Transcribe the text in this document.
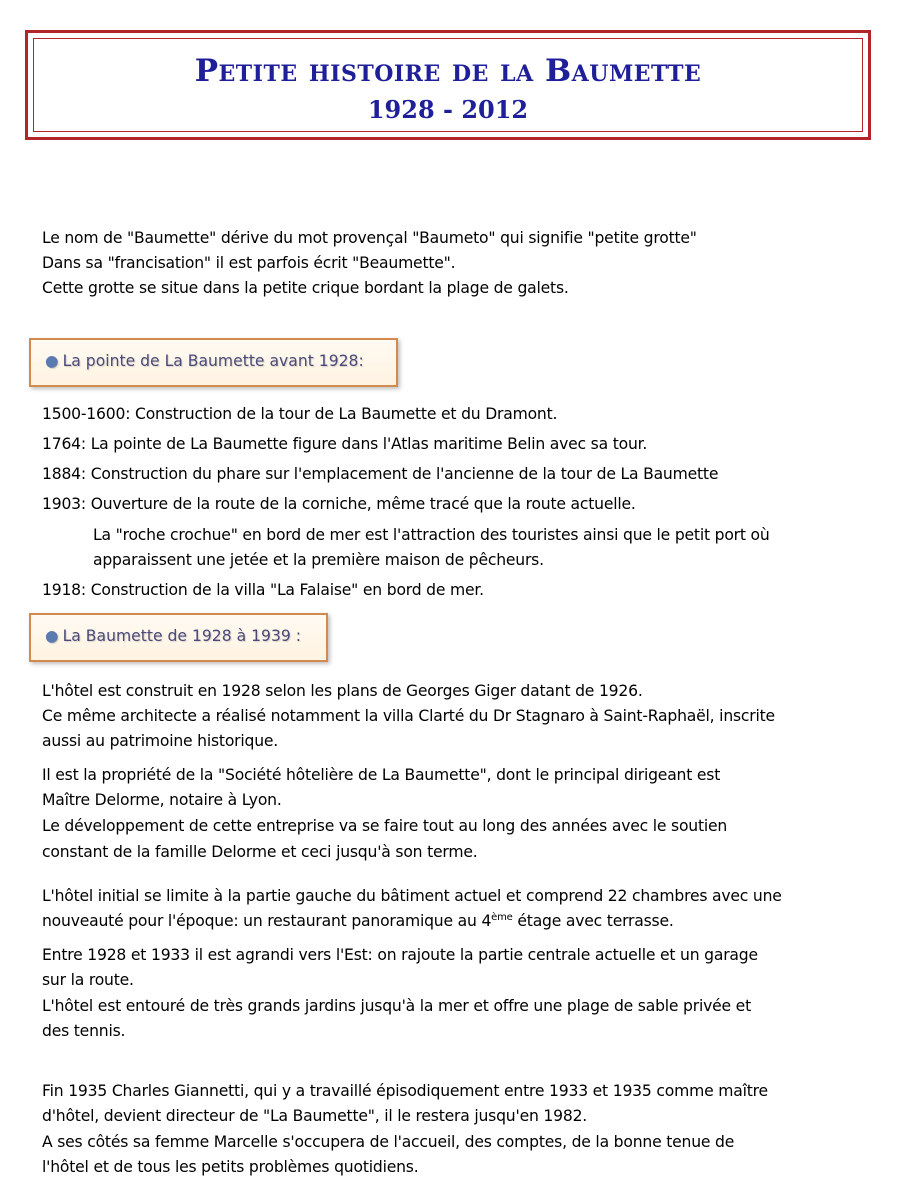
Petite histoire de la Baumette
1928 - 2012
Le nom de "Baumette" dérive du mot provençal "Baumeto" qui signifie "petite grotte"
Dans sa "francisation" il est parfois écrit "Beaumette".
Cette grotte se situe dans la petite crique bordant la plage de galets.
● La pointe de La Baumette avant 1928:
1500-1600: Construction de la tour de La Baumette et du Dramont.
1764: La pointe de La Baumette figure dans l'Atlas maritime Belin avec sa tour.
1884: Construction du phare sur l'emplacement de l'ancienne de la tour de La Baumette
1903: Ouverture de la route de la corniche, même tracé que la route actuelle.
La "roche crochue" en bord de mer est l'attraction des touristes ainsi que le petit port où
apparaissent une jetée et la première maison de pêcheurs.
1918: Construction de la villa "La Falaise" en bord de mer.
● La Baumette de 1928 à 1939 :
L'hôtel est construit en 1928 selon les plans de Georges Giger datant de 1926.
Ce même architecte a réalisé notamment la villa Clarté du Dr Stagnaro à Saint-Raphaël, inscrite
aussi au patrimoine historique.
Il est la propriété de la "Société hôtelière de La Baumette", dont le principal dirigeant est
Maître Delorme, notaire à Lyon.
Le développement de cette entreprise va se faire tout au long des années avec le soutien
constant de la famille Delorme et ceci jusqu'à son terme.
L'hôtel initial se limite à la partie gauche du bâtiment actuel et comprend 22 chambres avec une
nouveauté pour l'époque: un restaurant panoramique au 4ème étage avec terrasse.
Entre 1928 et 1933 il est agrandi vers l'Est: on rajoute la partie centrale actuelle et un garage
sur la route.
L'hôtel est entouré de très grands jardins jusqu'à la mer et offre une plage de sable privée et
des tennis.
Fin 1935 Charles Giannetti, qui y a travaillé épisodiquement entre 1933 et 1935 comme maître
d'hôtel, devient directeur de "La Baumette", il le restera jusqu'en 1982.
A ses côtés sa femme Marcelle s'occupera de l'accueil, des comptes, de la bonne tenue de
l'hôtel et de tous les petits problèmes quotidiens.
